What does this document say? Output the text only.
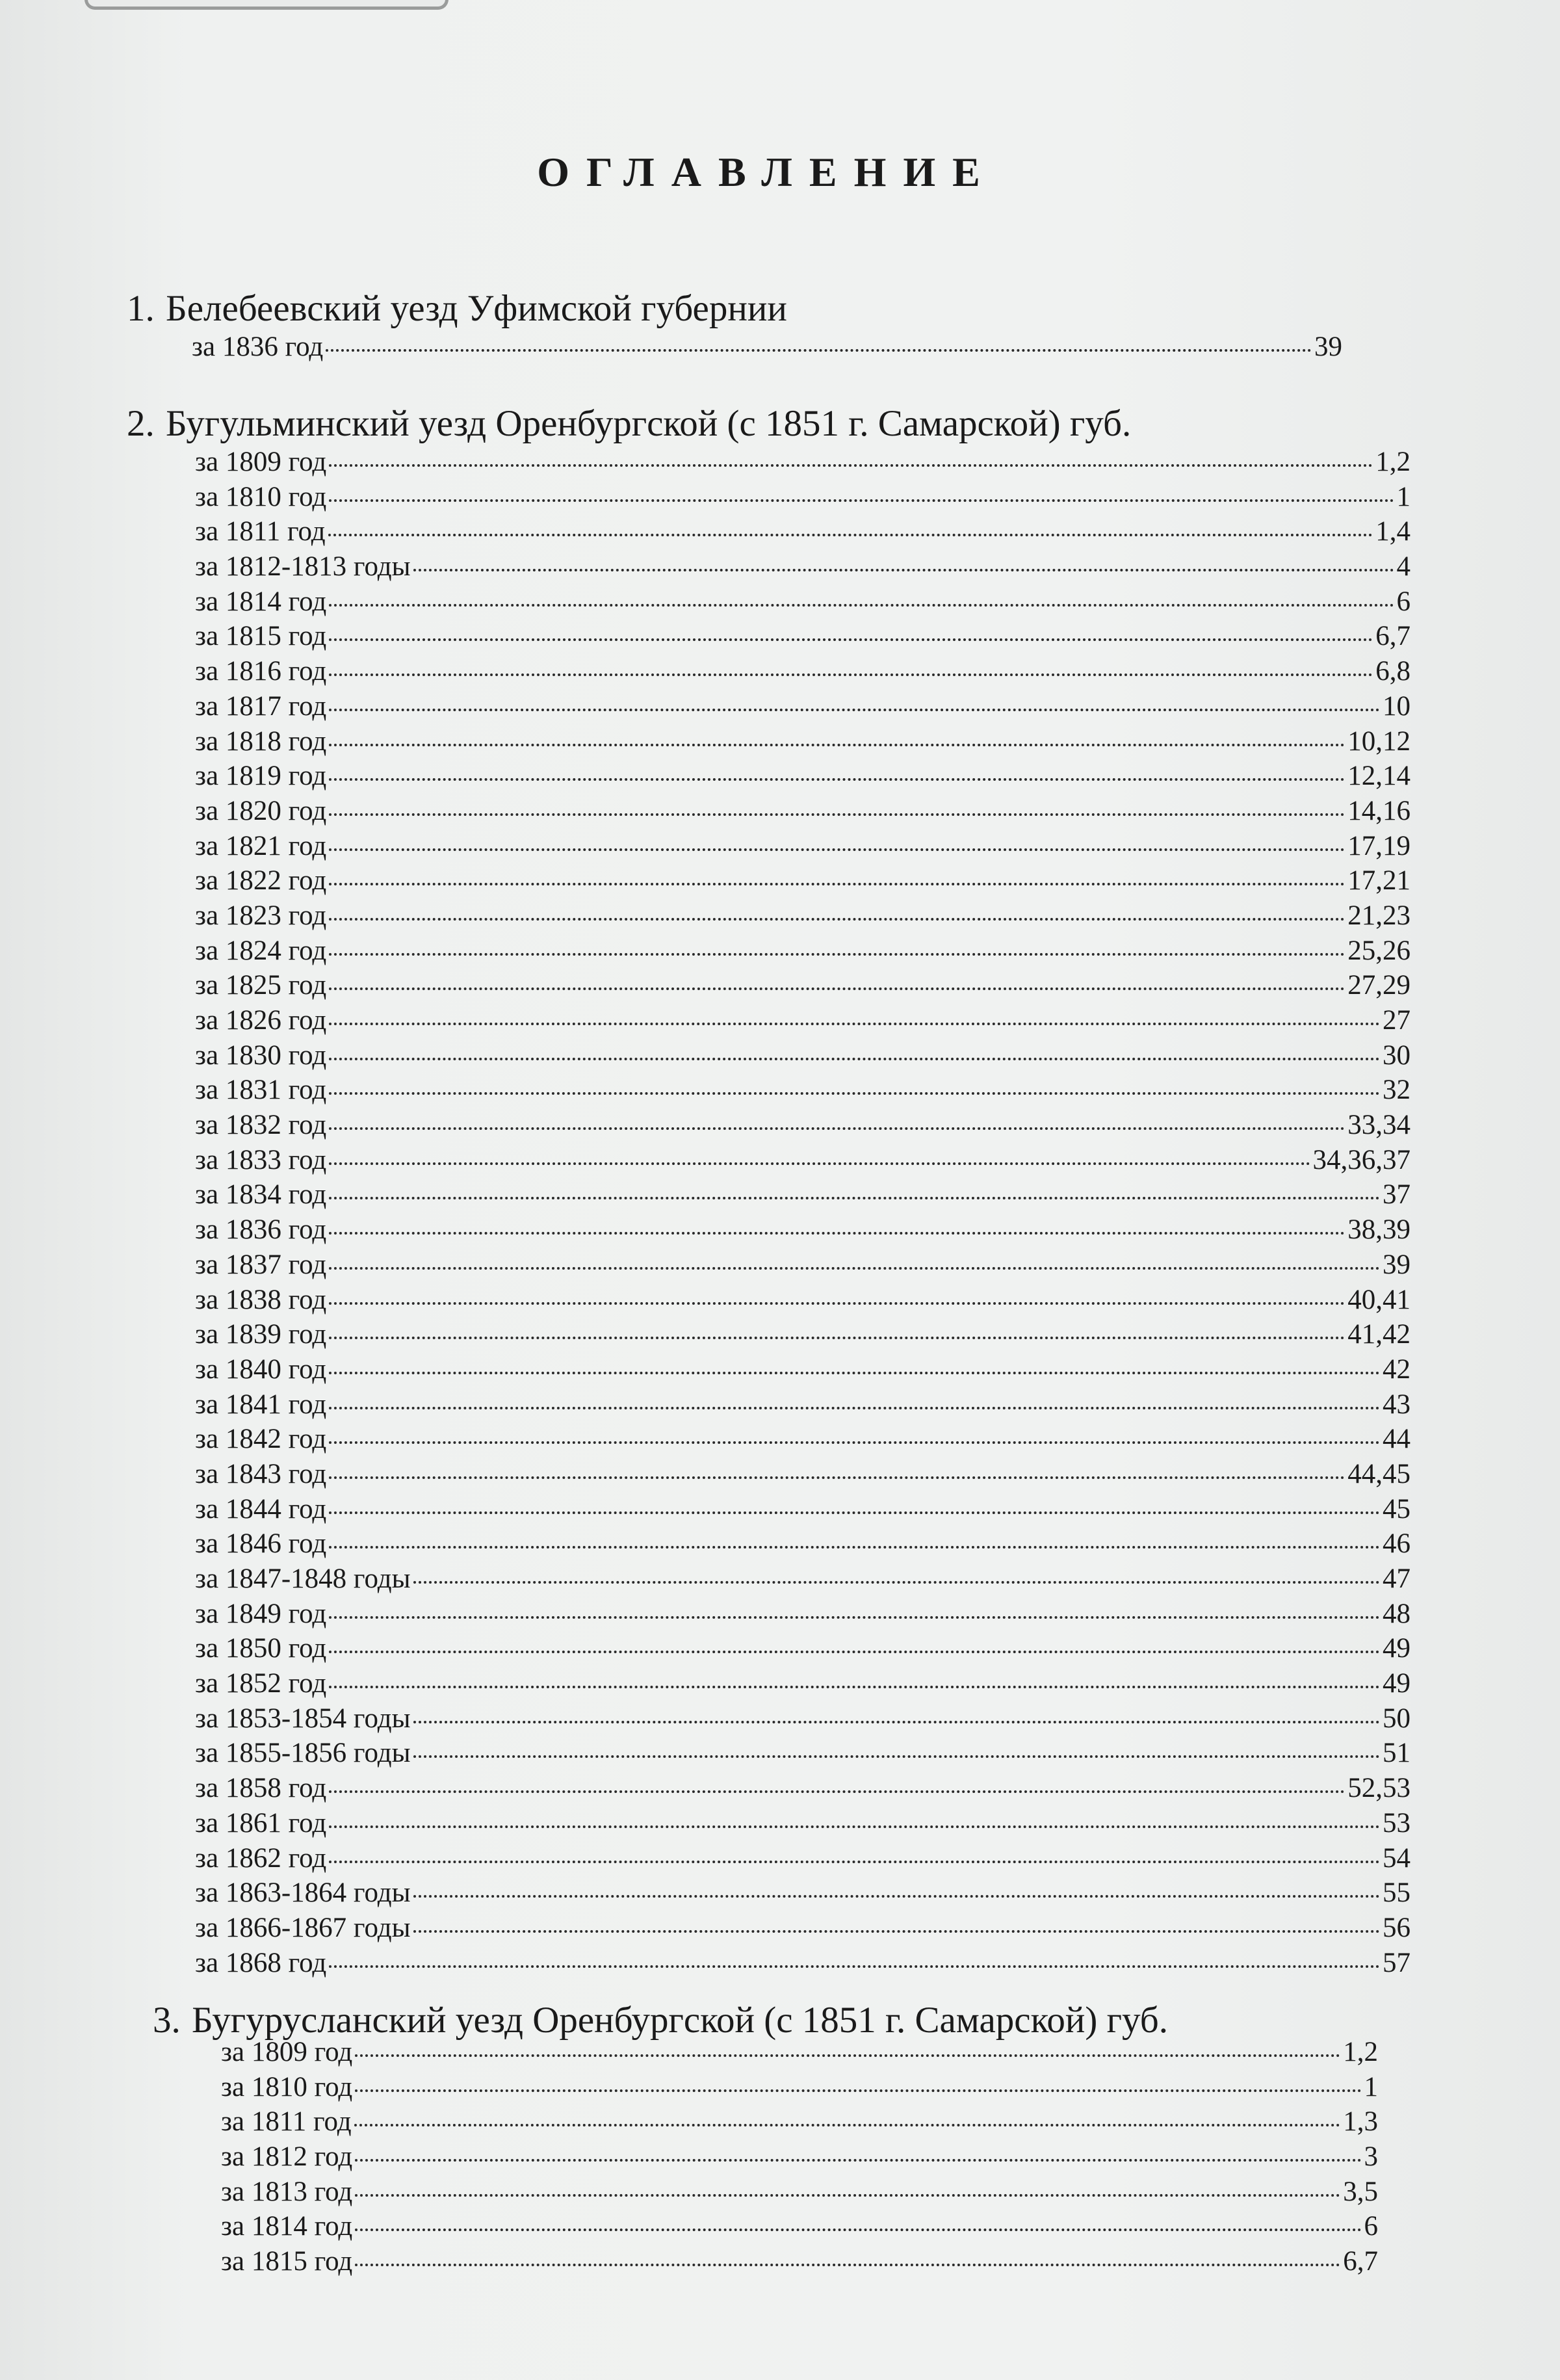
ОГЛАВЛЕНИЕ
1. Белебеевский уезд Уфимской губернии
за 1836 год	39
2. Бугульминский уезд Оренбургской (с 1851 г. Самарской) губ.
за 1809 год	1,2
за 1810 год	1
за 1811 год	1,4
за 1812-1813 годы	4
за 1814 год	6
за 1815 год	6,7
за 1816 год	6,8
за 1817 год	10
за 1818 год	10,12
за 1819 год	12,14
за 1820 год	14,16
за 1821 год	17,19
за 1822 год	17,21
за 1823 год	21,23
за 1824 год	25,26
за 1825 год	27,29
за 1826 год	27
за 1830 год	30
за 1831 год	32
за 1832 год	33,34
за 1833 год	34,36,37
за 1834 год	37
за 1836 год	38,39
за 1837 год	39
за 1838 год	40,41
за 1839 год	41,42
за 1840 год	42
за 1841 год	43
за 1842 год	44
за 1843 год	44,45
за 1844 год	45
за 1846 год	46
за 1847-1848 годы	47
за 1849 год	48
за 1850 год	49
за 1852 год	49
за 1853-1854 годы	50
за 1855-1856 годы	51
за 1858 год	52,53
за 1861 год	53
за 1862 год	54
за 1863-1864 годы	55
за 1866-1867 годы	56
за 1868 год	57
3. Бугурусланский уезд Оренбургской (с 1851 г. Самарской) губ.
за 1809 год	1,2
за 1810 год	1
за 1811 год	1,3
за 1812 год	3
за 1813 год	3,5
за 1814 год	6
за 1815 год	6,7
